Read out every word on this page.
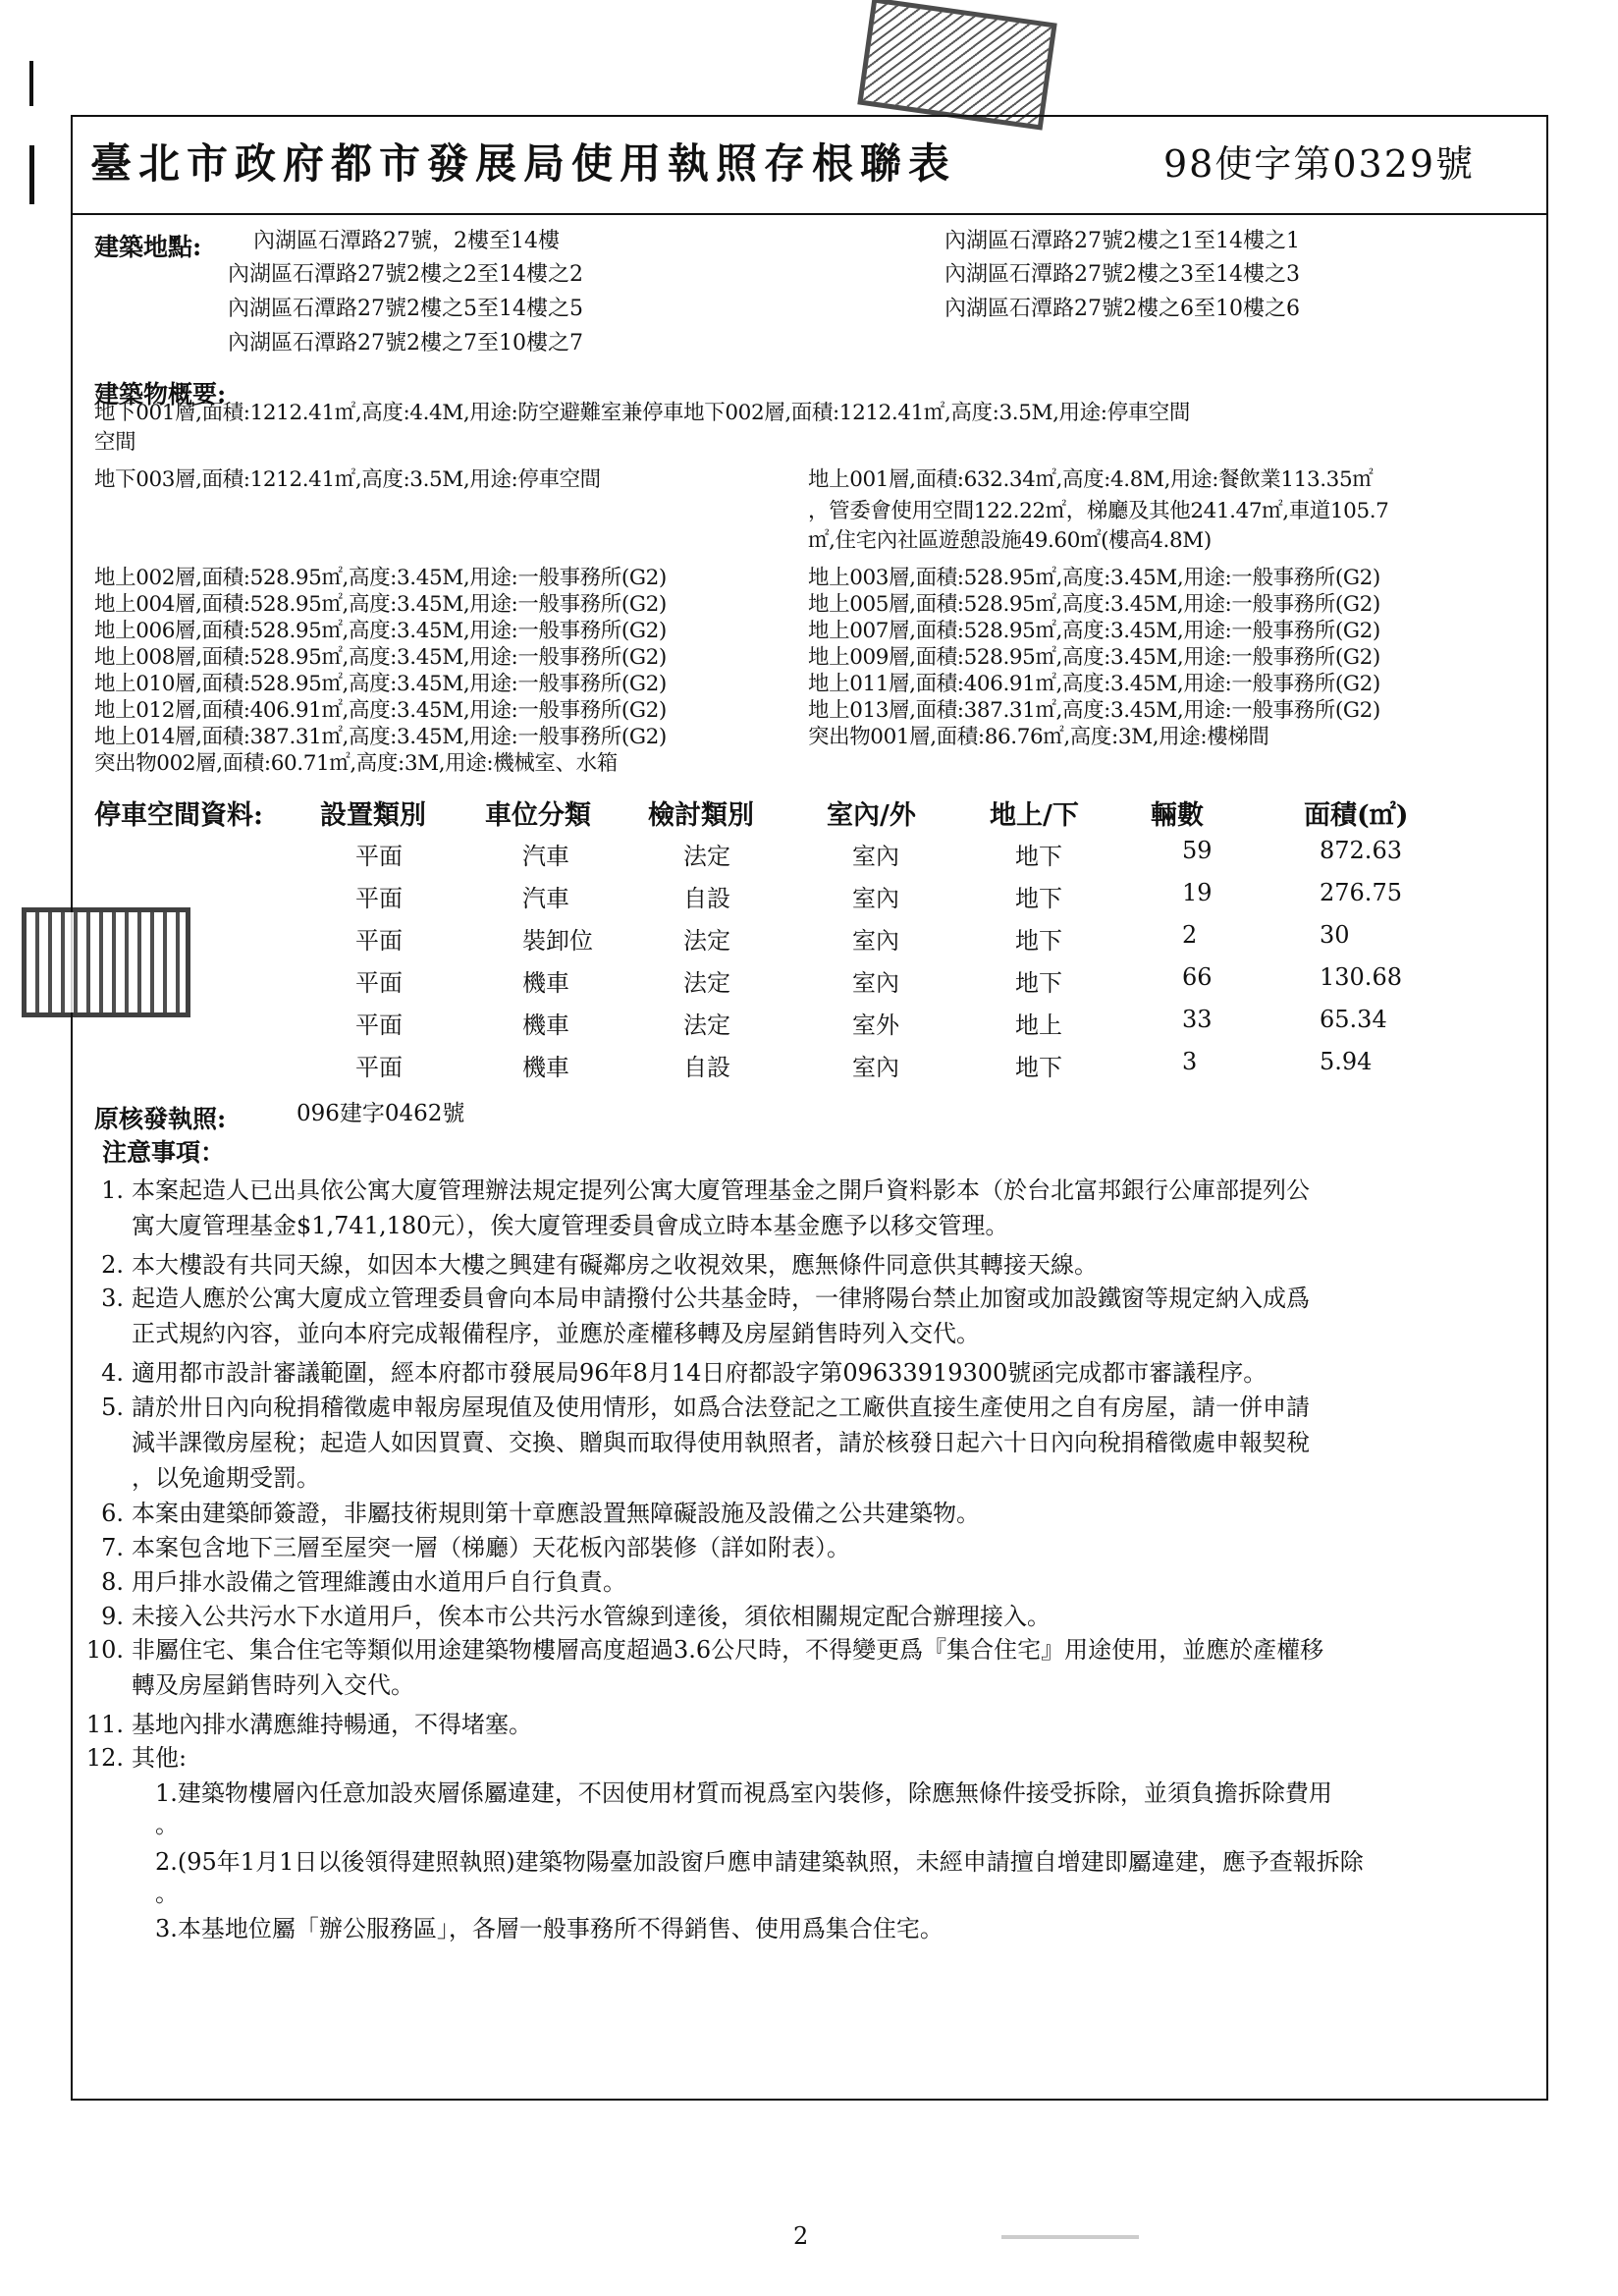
臺北市政府都市發展局使用執照存根聯表	98使字第0329號
建築地點: 內湖區石潭路27號，2樓至14樓
內湖區石潭路27號2樓之2至14樓之2
內湖區石潭路27號2樓之5至14樓之5
內湖區石潭路27號2樓之7至10樓之7
內湖區石潭路27號2樓之1至14樓之1
內湖區石潭路27號2樓之3至14樓之3
內湖區石潭路27號2樓之6至10樓之6
建築物概要:
地下001層,面積:1212.41㎡,高度:4.4M,用途:防空避難室兼停車地下002層,面積:1212.41㎡,高度:3.5M,用途:停車空間
空間
地下003層,面積:1212.41㎡,高度:3.5M,用途:停車空間	地上001層,面積:632.34㎡,高度:4.8M,用途:餐飲業113.35㎡
，管委會使用空間122.22㎡，梯廳及其他241.47㎡,車道105.7
㎡,住宅內社區遊憩設施49.60㎡(樓高4.8M)
地上002層,面積:528.95㎡,高度:3.45M,用途:一般事務所(G2)
地上004層,面積:528.95㎡,高度:3.45M,用途:一般事務所(G2)
地上006層,面積:528.95㎡,高度:3.45M,用途:一般事務所(G2)
地上008層,面積:528.95㎡,高度:3.45M,用途:一般事務所(G2)
地上010層,面積:528.95㎡,高度:3.45M,用途:一般事務所(G2)
地上012層,面積:406.91㎡,高度:3.45M,用途:一般事務所(G2)
地上014層,面積:387.31㎡,高度:3.45M,用途:一般事務所(G2)
突出物002層,面積:60.71㎡,高度:3M,用途:機械室、水箱
地上003層,面積:528.95㎡,高度:3.45M,用途:一般事務所(G2)
地上005層,面積:528.95㎡,高度:3.45M,用途:一般事務所(G2)
地上007層,面積:528.95㎡,高度:3.45M,用途:一般事務所(G2)
地上009層,面積:528.95㎡,高度:3.45M,用途:一般事務所(G2)
地上011層,面積:406.91㎡,高度:3.45M,用途:一般事務所(G2)
地上013層,面積:387.31㎡,高度:3.45M,用途:一般事務所(G2)
突出物001層,面積:86.76㎡,高度:3M,用途:樓梯間
停車空間資料: 設置類別 車位分類 檢討類別	室內/外	地上/下	輛數	面積(㎡)
平面	汽車	法定	室內	地下	59	872.63
平面	汽車	自設	室內	地下	19	276.75
平面	裝卸位	法定	室內	地下	2	30
平面	機車	法定	室內	地下	66	130.68
平面	機車	法定	室外	地上	33	65.34
平面	機車	自設	室內	地下	3	5.94
原核發執照:	096建字0462號
注意事項：
1. 本案起造人已出具依公寓大廈管理辦法規定提列公寓大廈管理基金之開戶資料影本（於台北富邦銀行公庫部提列公
寓大廈管理基金$1,741,180元），俟大廈管理委員會成立時本基金應予以移交管理。
2. 本大樓設有共同天線，如因本大樓之興建有礙鄰房之收視效果，應無條件同意供其轉接天線。
3. 起造人應於公寓大廈成立管理委員會向本局申請撥付公共基金時，一律將陽台禁止加窗或加設鐵窗等規定納入成爲
正式規約內容，並向本府完成報備程序，並應於產權移轉及房屋銷售時列入交代。
4. 適用都市設計審議範圍，經本府都市發展局96年8月14日府都設字第09633919300號函完成都市審議程序。
5. 請於卅日內向稅捐稽徵處申報房屋現值及使用情形，如爲合法登記之工廠供直接生產使用之自有房屋，請一併申請
減半課徵房屋稅；起造人如因買賣、交換、贈與而取得使用執照者，請於核發日起六十日內向稅捐稽徵處申報契稅
，以免逾期受罰。
6. 本案由建築師簽證，非屬技術規則第十章應設置無障礙設施及設備之公共建築物。
7. 本案包含地下三層至屋突一層（梯廳）天花板內部裝修（詳如附表）。
8. 用戶排水設備之管理維護由水道用戶自行負責。
9. 未接入公共污水下水道用戶，俟本市公共污水管線到達後，須依相關規定配合辦理接入。
10. 非屬住宅、集合住宅等類似用途建築物樓層高度超過3.6公尺時，不得變更爲『集合住宅』用途使用，並應於產權移
轉及房屋銷售時列入交代。
11. 基地內排水溝應維持暢通，不得堵塞。
12. 其他:
1.建築物樓層內任意加設夾層係屬違建，不因使用材質而視爲室內裝修，除應無條件接受拆除，並須負擔拆除費用
。
2.(95年1月1日以後領得建照執照)建築物陽臺加設窗戶應申請建築執照，未經申請擅自增建即屬違建，應予查報拆除
。
3.本基地位屬「辦公服務區」，各層一般事務所不得銷售、使用爲集合住宅。
2
